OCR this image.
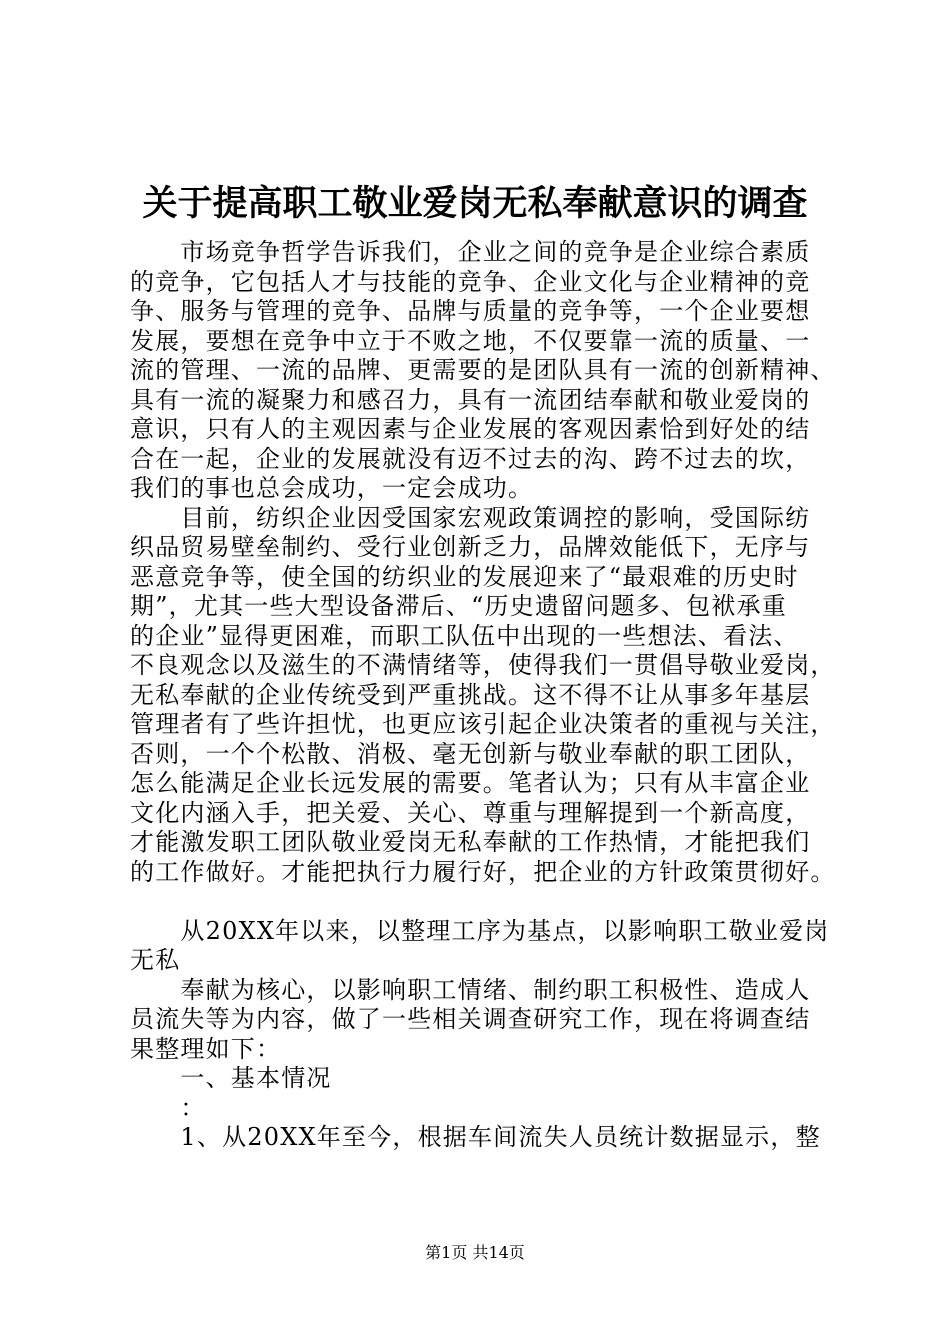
关于提高职工敬业爱岗无私奉献意识的调查
　　市场竞争哲学告诉我们，企业之间的竞争是企业综合素质
的竞争，它包括人才与技能的竞争、企业文化与企业精神的竞
争、服务与管理的竞争、品牌与质量的竞争等，一个企业要想
发展，要想在竞争中立于不败之地，不仅要靠一流的质量、一
流的管理、一流的品牌、更需要的是团队具有一流的创新精神、
具有一流的凝聚力和感召力，具有一流团结奉献和敬业爱岗的
意识，只有人的主观因素与企业发展的客观因素恰到好处的结
合在一起，企业的发展就没有迈不过去的沟、跨不过去的坎，
我们的事也总会成功，一定会成功。
　　目前，纺织企业因受国家宏观政策调控的影响，受国际纺
织品贸易壁垒制约、受行业创新乏力，品牌效能低下，无序与
恶意竞争等，使全国的纺织业的发展迎来了“最艰难的历史时
期”，尤其一些大型设备滞后、“历史遗留问题多、包袱承重
的企业”显得更困难，而职工队伍中出现的一些想法、看法、
不良观念以及滋生的不满情绪等，使得我们一贯倡导敬业爱岗，
无私奉献的企业传统受到严重挑战。这不得不让从事多年基层
管理者有了些许担忧，也更应该引起企业决策者的重视与关注，
否则，一个个松散、消极、毫无创新与敬业奉献的职工团队，
怎么能满足企业长远发展的需要。笔者认为；只有从丰富企业
文化内涵入手，把关爱、关心、尊重与理解提到一个新高度，
才能激发职工团队敬业爱岗无私奉献的工作热情，才能把我们
的工作做好。才能把执行力履行好，把企业的方针政策贯彻好。
　　从20XX年以来，以整理工序为基点，以影响职工敬业爱岗
无私
　　奉献为核心，以影响职工情绪、制约职工积极性、造成人
员流失等为内容，做了一些相关调查研究工作，现在将调查结
果整理如下：
　　一、基本情况
　　：
　　1、从20XX年至今，根据车间流失人员统计数据显示，整
第1页 共14页
